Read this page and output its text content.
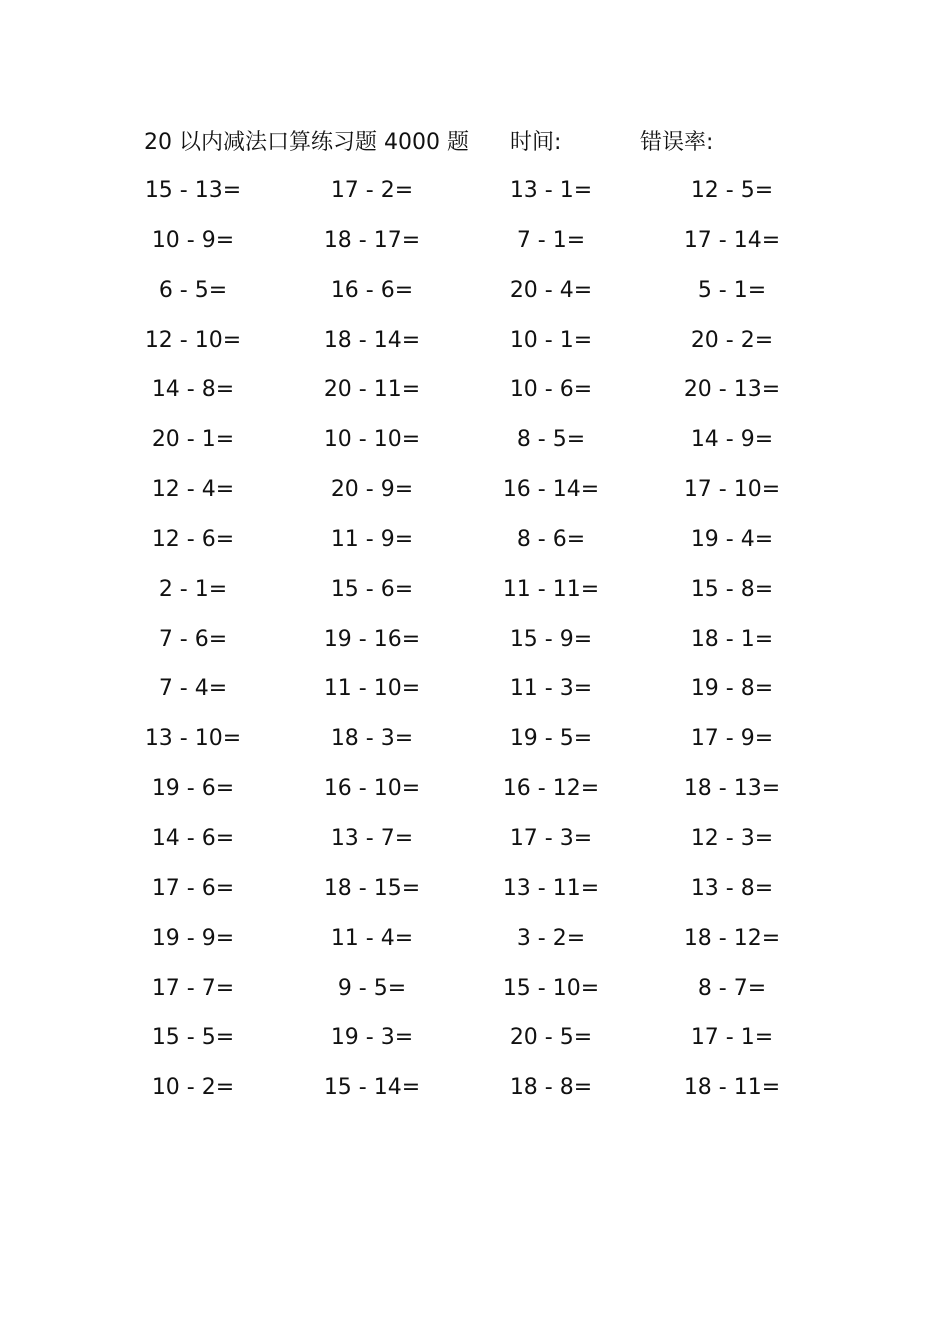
20 以内减法口算练习题 4000 题 时间:	错误率:
15 - 13=	17 - 2=	13 - 1=	12 - 5=
10 - 9=	18 - 17=	7 - 1=	17 - 14=
6 - 5=	16 - 6=	20 - 4=	5 - 1=
12 - 10=	18 - 14=	10 - 1=	20 - 2=
14 - 8=	20 - 11=	10 - 6=	20 - 13=
20 - 1=	10 - 10=	8 - 5=	14 - 9=
12 - 4=	20 - 9=	16 - 14=	17 - 10=
12 - 6=	11 - 9=	8 - 6=	19 - 4=
2 - 1=	15 - 6=	11 - 11=	15 - 8=
7 - 6=	19 - 16=	15 - 9=	18 - 1=
7 - 4=	11 - 10=	11 - 3=	19 - 8=
13 - 10=	18 - 3=	19 - 5=	17 - 9=
19 - 6=	16 - 10=	16 - 12=	18 - 13=
14 - 6=	13 - 7=	17 - 3=	12 - 3=
17 - 6=	18 - 15=	13 - 11=	13 - 8=
19 - 9=	11 - 4=	3 - 2=	18 - 12=
17 - 7=	9 - 5=	15 - 10=	8 - 7=
15 - 5=	19 - 3=	20 - 5=	17 - 1=
10 - 2=	15 - 14=	18 - 8=	18 - 11=
